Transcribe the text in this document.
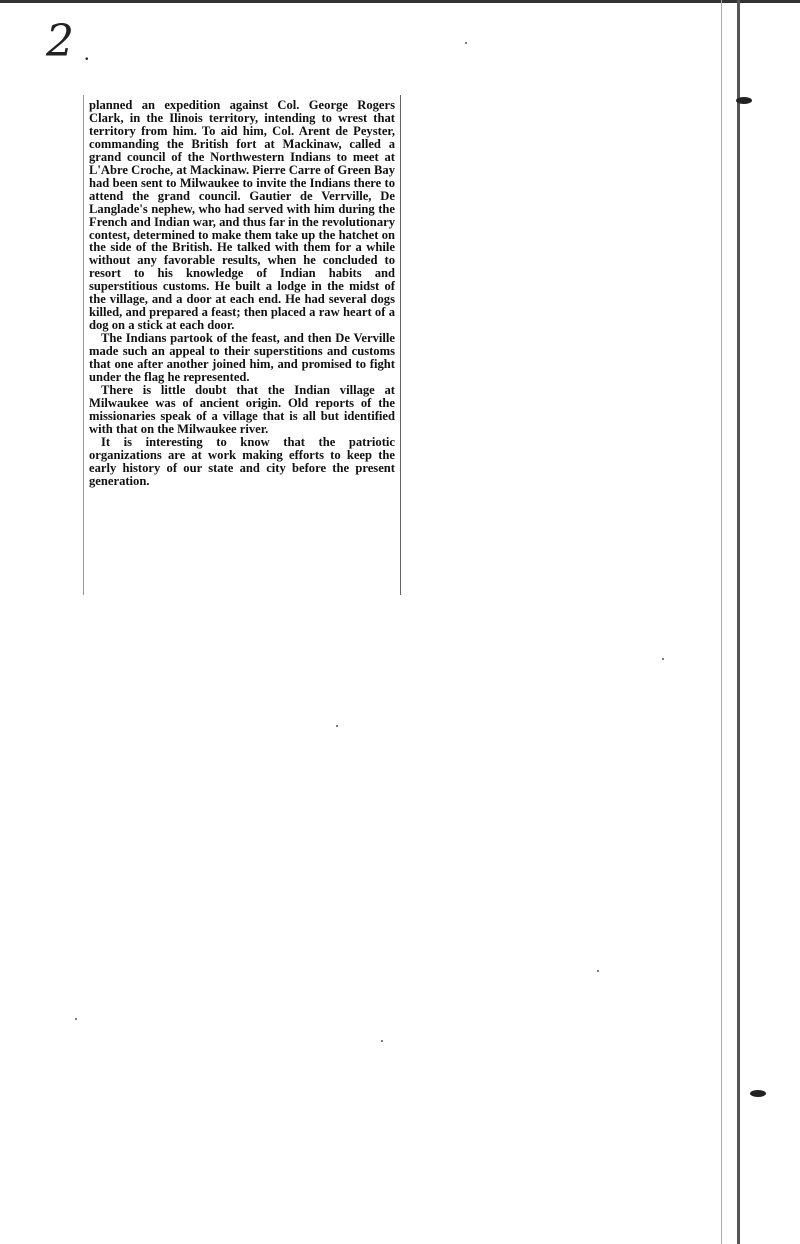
2 .

planned an expedition against Col. George Rogers Clark, in the Ilinois territory, intending to wrest that territory from him. To aid him, Col. Arent de Peyster, commanding the British fort at Mackinaw, called a grand council of the Northwestern Indians to meet at L'Abre Croche, at Mackinaw. Pierre Carre of Green Bay had been sent to Milwaukee to invite the Indians there to attend the grand council. Gautier de Verrville, De Langlade's nephew, who had served with him during the French and Indian war, and thus far in the revolutionary contest, determined to make them take up the hatchet on the side of the British. He talked with them for a while without any favorable results, when he concluded to resort to his knowledge of Indian habits and superstitious customs. He built a lodge in the midst of the village, and a door at each end. He had several dogs killed, and prepared a feast; then placed a raw heart of a dog on a stick at each door.

The Indians partook of the feast, and then De Verville made such an appeal to their superstitions and customs that one after another joined him, and promised to fight under the flag he represented.

There is little doubt that the Indian village at Milwaukee was of ancient origin. Old reports of the missionaries speak of a village that is all but identified with that on the Milwaukee river.

It is interesting to know that the patriotic organizations are at work making efforts to keep the early history of our state and city before the present generation.
